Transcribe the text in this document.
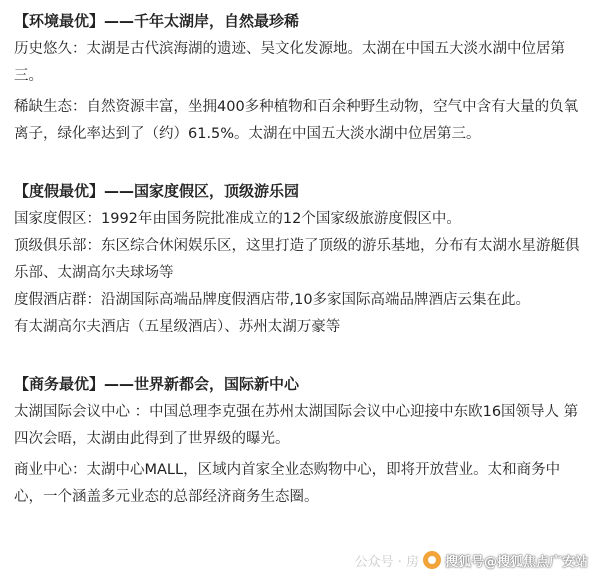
【环境最优】——千年太湖岸，自然最珍稀

历史悠久：太湖是古代滨海湖的遗迹、吴文化发源地。太湖在中国五大淡水湖中位居第三。

稀缺生态：自然资源丰富，坐拥400多种植物和百余种野生动物，空气中含有大量的负氧离子，绿化率达到了（约）61.5%。太湖在中国五大淡水湖中位居第三。

【度假最优】——国家度假区，顶级游乐园

国家度假区：1992年由国务院批准成立的12个国家级旅游度假区中。

顶级俱乐部：东区综合休闲娱乐区，这里打造了顶级的游乐基地，分布有太湖水星游艇俱乐部、太湖高尔夫球场等

度假酒店群：沿湖国际高端品牌度假酒店带,10多家国际高端品牌酒店云集在此。

有太湖高尔夫酒店（五星级酒店）、苏州太湖万豪等

【商务最优】——世界新都会，国际新中心

太湖国际会议中心 ：中国总理李克强在苏州太湖国际会议中心迎接中东欧16国领导人 第四次会晤，太湖由此得到了世界级的曝光。

商业中心：太湖中心MALL，区域内首家全业态购物中心，即将开放营业。太和商务中心，一个涵盖多元业态的总部经济商务生态圈。

公众号 · 房 搜狐号@搜狐焦点广安站
